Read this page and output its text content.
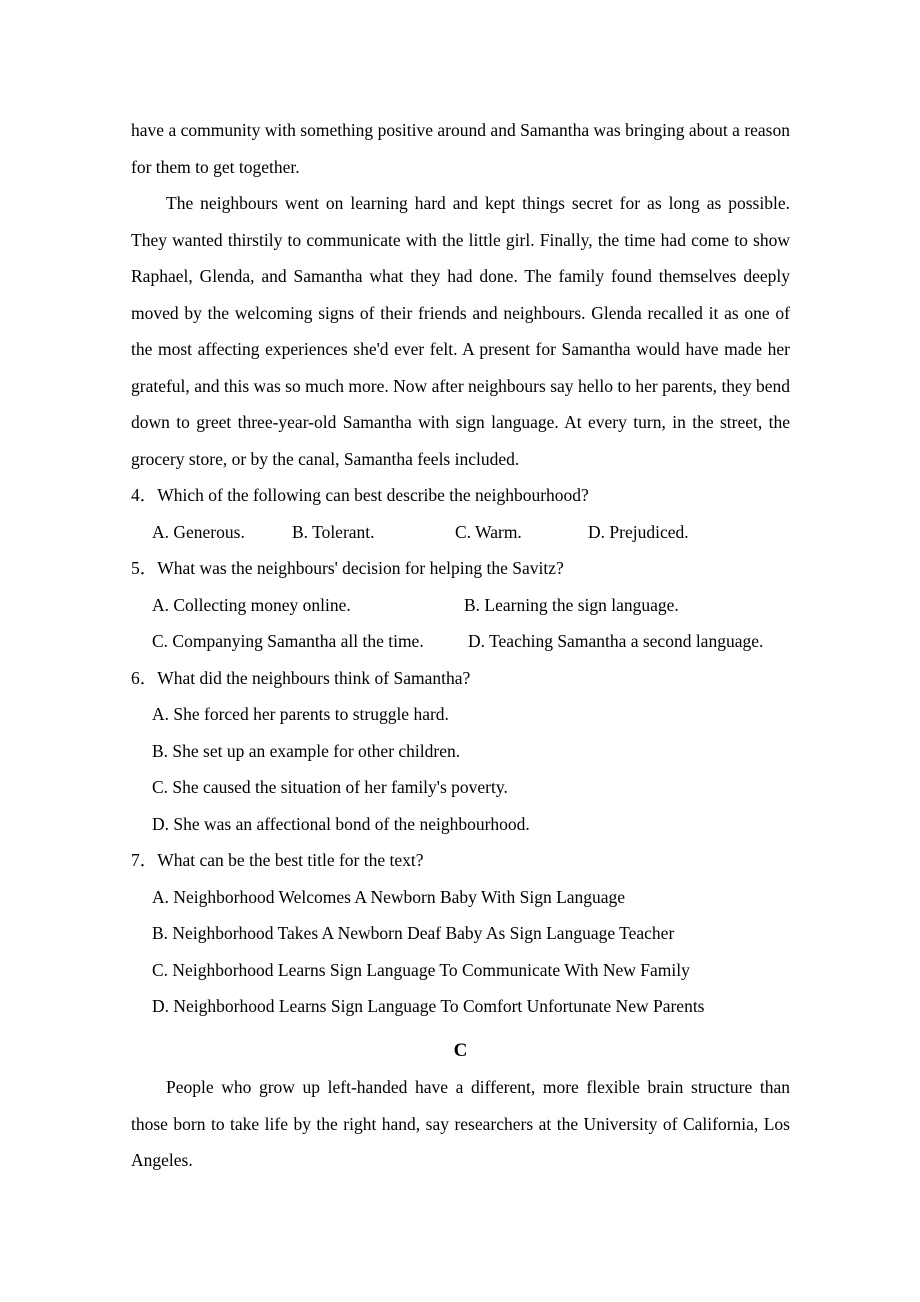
have a community with something positive around and Samantha was bringing about a reason for them to get together.

The neighbours went on learning hard and kept things secret for as long as possible. They wanted thirstily to communicate with the little girl. Finally, the time had come to show Raphael, Glenda, and Samantha what they had done. The family found themselves deeply moved by the welcoming signs of their friends and neighbours. Glenda recalled it as one of the most affecting experiences she'd ever felt. A present for Samantha would have made her grateful, and this was so much more. Now after neighbours say hello to her parents, they bend down to greet three-year-old Samantha with sign language. At every turn, in the street, the grocery store, or by the canal, Samantha feels included.

4．Which of the following can best describe the neighbourhood?
A. Generous.	B. Tolerant.	C. Warm.	D. Prejudiced.
5．What was the neighbours' decision for helping the Savitz?
A. Collecting money online.	B. Learning the sign language.
C. Companying Samantha all the time.	D. Teaching Samantha a second language.
6．What did the neighbours think of Samantha?
A. She forced her parents to struggle hard.
B. She set up an example for other children.
C. She caused the situation of her family's poverty.
D. She was an affectional bond of the neighbourhood.
7．What can be the best title for the text?
A. Neighborhood Welcomes A Newborn Baby With Sign Language
B. Neighborhood Takes A Newborn Deaf Baby As Sign Language Teacher
C. Neighborhood Learns Sign Language To Communicate With New Family
D. Neighborhood Learns Sign Language To Comfort Unfortunate New Parents
C

People who grow up left-handed have a different, more flexible brain structure than those born to take life by the right hand, say researchers at the University of California, Los Angeles.
